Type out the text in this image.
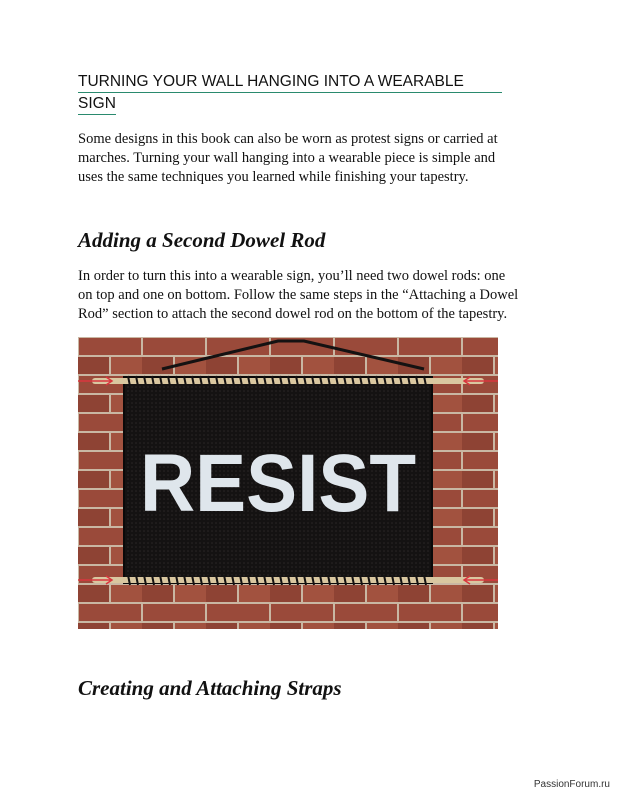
TURNING YOUR WALL HANGING INTO A WEARABLE
SIGN
Some designs in this book can also be worn as protest signs or carried at
marches. Turning your wall hanging into a wearable piece is simple and
uses the same techniques you learned while finishing your tapestry.
Adding a Second Dowel Rod
In order to turn this into a wearable sign, you’ll need two dowel rods: one
on top and one on bottom. Follow the same steps in the “Attaching a Dowel
Rod” section to attach the second dowel rod on the bottom of the tapestry.
RESIST
Creating and Attaching Straps
PassionForum.ru
